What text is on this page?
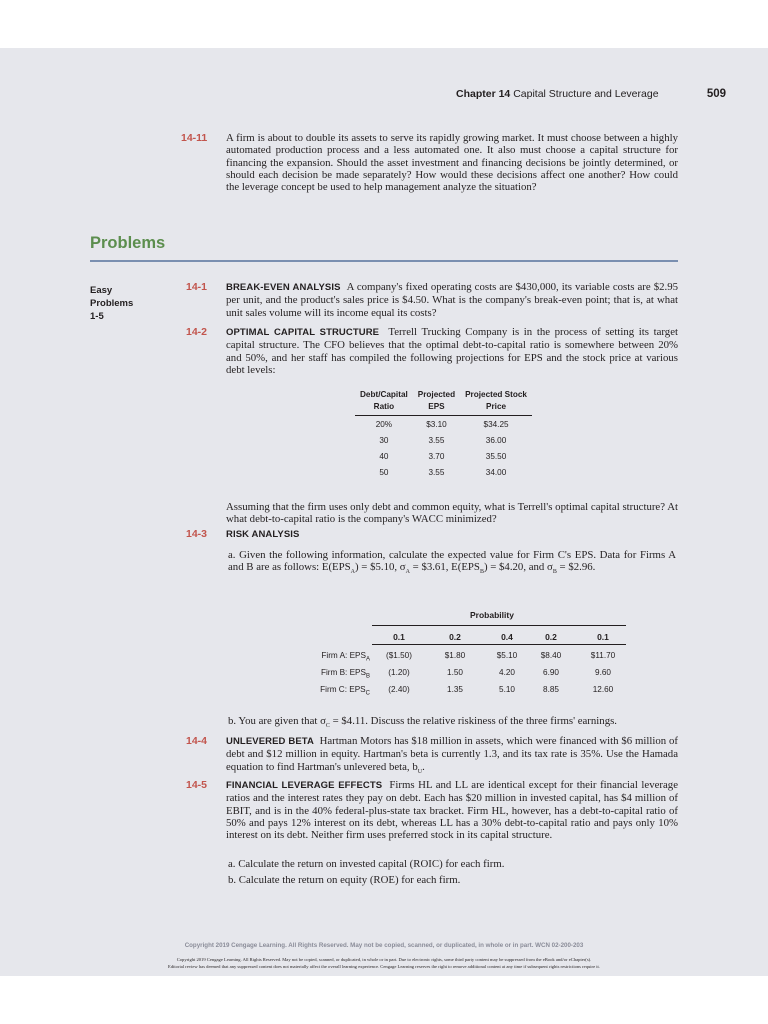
Chapter 14 Capital Structure and Leverage	509
14-11 A firm is about to double its assets to serve its rapidly growing market. It must choose between a highly automated production process and a less automated one. It also must choose a capital structure for financing the expansion. Should the asset investment and financing decisions be jointly determined, or should each decision be made separately? How would these decisions affect one another? How could the leverage concept be used to help management analyze the situation?
Problems
Easy
Problems
1-5
14-1 BREAK-EVEN ANALYSIS A company's fixed operating costs are $430,000, its variable costs are $2.95 per unit, and the product's sales price is $4.50. What is the company's break-even point; that is, at what unit sales volume will its income equal its costs?
14-2 OPTIMAL CAPITAL STRUCTURE Terrell Trucking Company is in the process of setting its target capital structure. The CFO believes that the optimal debt-to-capital ratio is somewhere between 20% and 50%, and her staff has compiled the following projections for EPS and the stock price at various debt levels:
Debt/Capital	Projected	Projected Stock
Ratio	EPS	Price
20%	$3.10	$34.25
30	3.55	36.00
40	3.70	35.50
50	3.55	34.00
Assuming that the firm uses only debt and common equity, what is Terrell's optimal capital structure? At what debt-to-capital ratio is the company's WACC minimized?
14-3 RISK ANALYSIS
a. Given the following information, calculate the expected value for Firm C's EPS. Data for Firms A and B are as follows: $E(EPS_A)$ = $5.10, $\sigma_A$ = $3.61, $E(EPS_B)$ = $4.20, and $\sigma_B$ = $2.96.
Probability
0.1	0.2	0.4	0.2	0.1
Firm A: $EPS_A$	($1.50)	$1.80	$5.10	$8.40	$11.70
Firm B: $EPS_B$	(1.20)	1.50	4.20	6.90	9.60
Firm C: $EPS_C$	(2.40)	1.35	5.10	8.85	12.60
b. You are given that $\sigma_C$ = $4.11. Discuss the relative riskiness of the three firms' earnings.
14-4 UNLEVERED BETA Hartman Motors has $18 million in assets, which were financed with $6 million of debt and $12 million in equity. Hartman's beta is currently 1.3, and its tax rate is 35%. Use the Hamada equation to find Hartman's unlevered beta, $b_U$.
14-5 FINANCIAL LEVERAGE EFFECTS Firms HL and LL are identical except for their financial leverage ratios and the interest rates they pay on debt. Each has $20 million in invested capital, has $4 million of EBIT, and is in the 40% federal-plus-state tax bracket. Firm HL, however, has a debt-to-capital ratio of 50% and pays 12% interest on its debt, whereas LL has a 30% debt-to-capital ratio and pays only 10% interest on its debt. Neither firm uses preferred stock in its capital structure.
a. Calculate the return on invested capital (ROIC) for each firm.
b. Calculate the return on equity (ROE) for each firm.
Copyright 2019 Cengage Learning. All Rights Reserved. May not be copied, scanned, or duplicated, in whole or in part. WCN 02-200-203
Copyright 2019 Cengage Learning. All Rights Reserved. May not be copied, scanned, or duplicated, in whole or in part. Due to electronic rights, some third party content may be suppressed from the eBook and/or eChapter(s).
Editorial review has deemed that any suppressed content does not materially affect the overall learning experience. Cengage Learning reserves the right to remove additional content at any time if subsequent rights restrictions require it.
